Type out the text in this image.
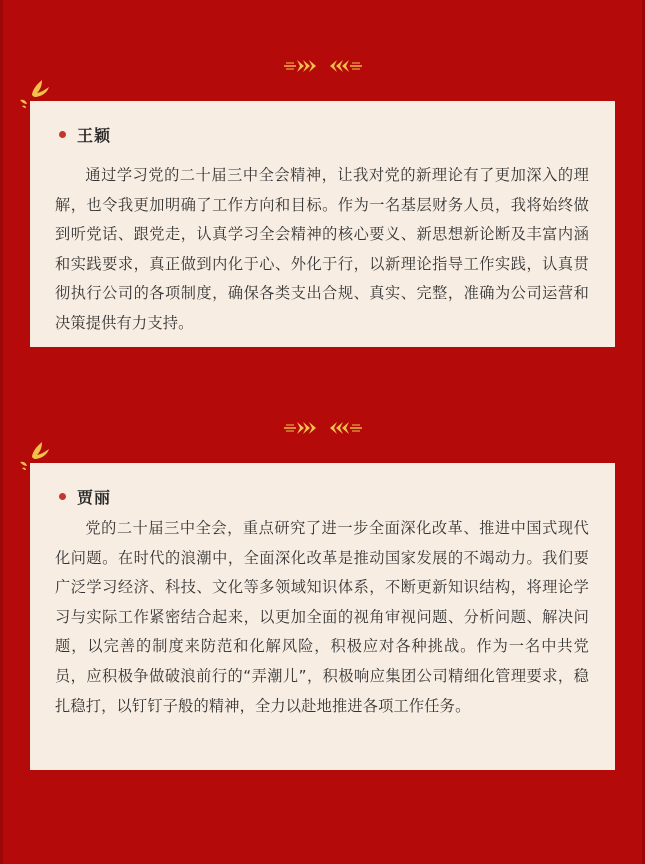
王颖

通过学习党的二十届三中全会精神，让我对党的新理论有了更加深入的理解，也令我更加明确了工作方向和目标。作为一名基层财务人员，我将始终做到听党话、跟党走，认真学习全会精神的核心要义、新思想新论断及丰富内涵和实践要求，真正做到内化于心、外化于行，以新理论指导工作实践，认真贯彻执行公司的各项制度，确保各类支出合规、真实、完整，准确为公司运营和决策提供有力支持。

贾丽

党的二十届三中全会，重点研究了进一步全面深化改革、推进中国式现代化问题。在时代的浪潮中，全面深化改革是推动国家发展的不竭动力。我们要广泛学习经济、科技、文化等多领域知识体系，不断更新知识结构，将理论学习与实际工作紧密结合起来，以更加全面的视角审视问题、分析问题、解决问题，以完善的制度来防范和化解风险，积极应对各种挑战。作为一名中共党员，应积极争做破浪前行的“弄潮儿”，积极响应集团公司精细化管理要求，稳扎稳打，以钉钉子般的精神，全力以赴地推进各项工作任务。
